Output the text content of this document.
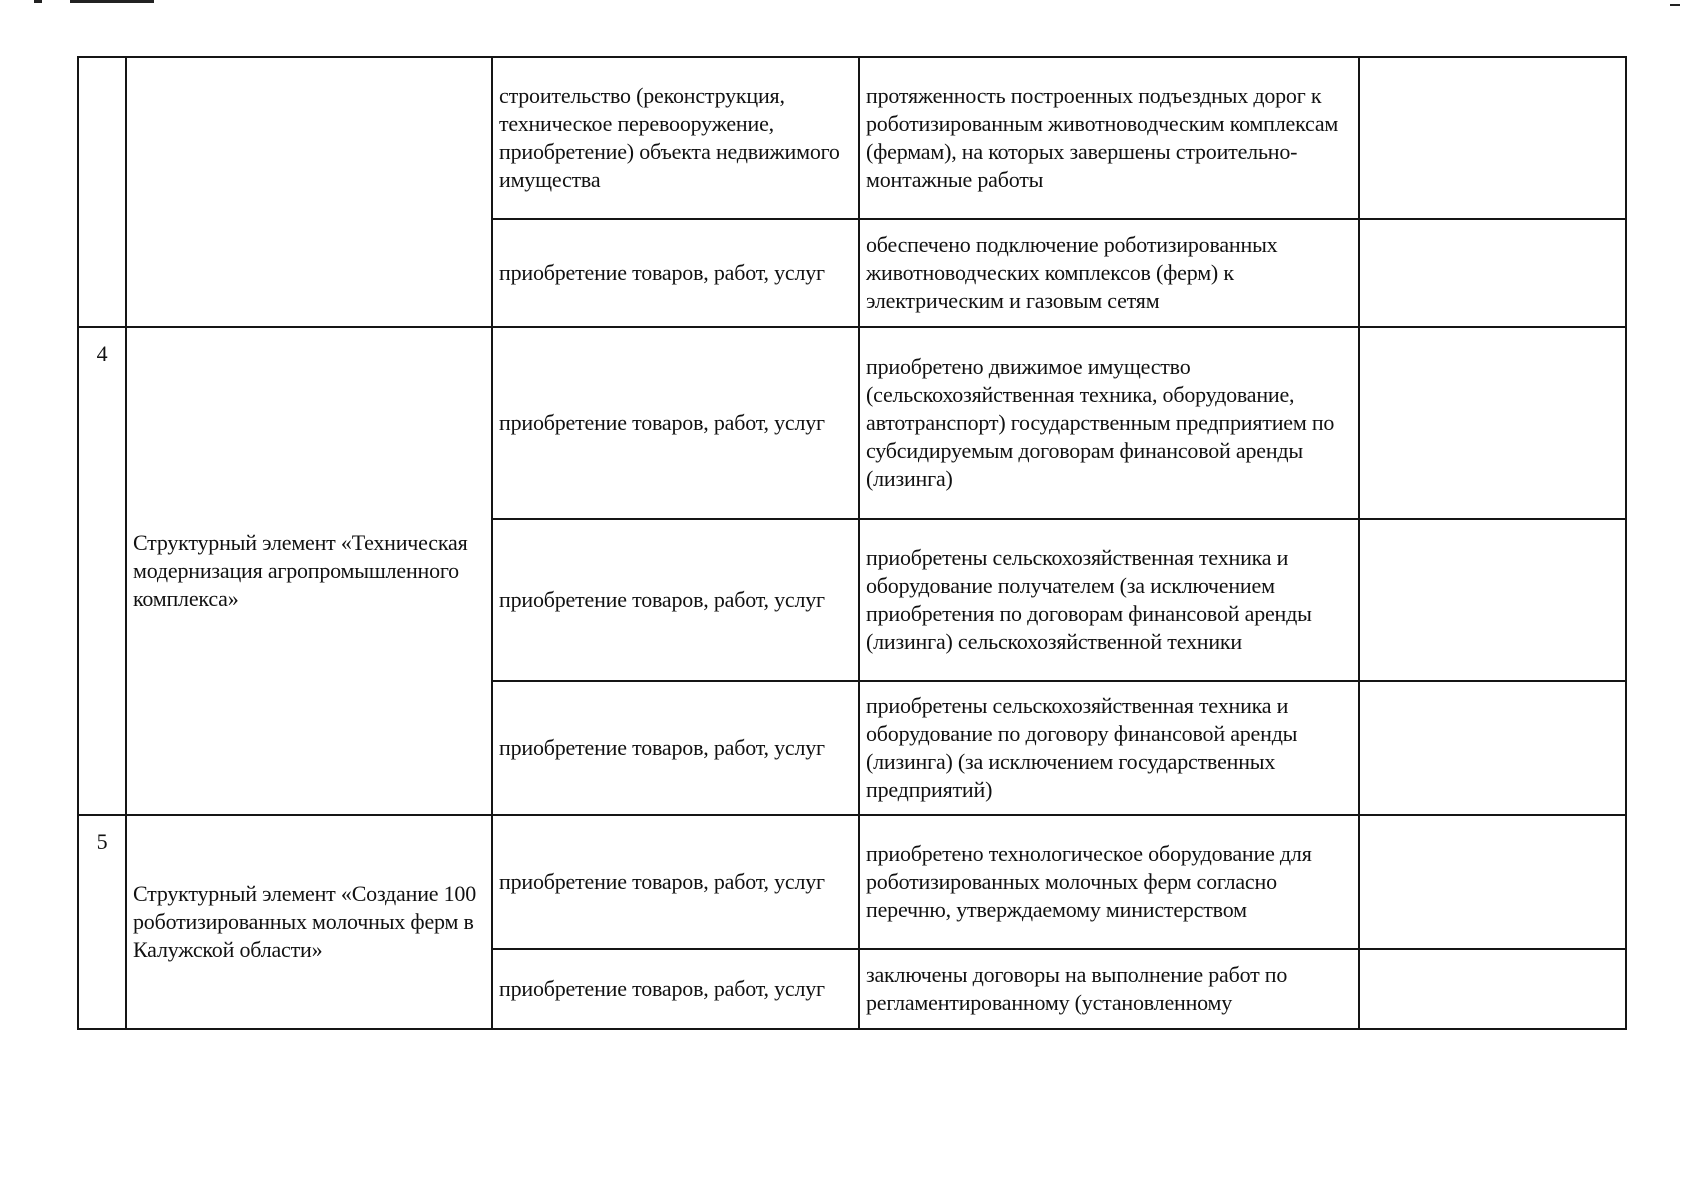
		строительство (реконструкция, техническое перевооружение, приобретение) объекта недвижимого имущества	протяженность построенных подъездных дорог к роботизированным животноводческим комплексам (фермам), на которых завершены строительно-монтажные работы	
		приобретение товаров, работ, услуг	обеспечено подключение роботизированных животноводческих комплексов (ферм) к электрическим и газовым сетям	
4	Структурный элемент «Техническая модернизация агропромышленного комплекса»	приобретение товаров, работ, услуг	приобретено движимое имущество (сельскохозяйственная техника, оборудование, автотранспорт) государственным предприятием по субсидируемым договорам финансовой аренды (лизинга)	
		приобретение товаров, работ, услуг	приобретены сельскохозяйственная техника и оборудование получателем (за исключением приобретения по договорам финансовой аренды (лизинга) сельскохозяйственной техники	
		приобретение товаров, работ, услуг	приобретены сельскохозяйственная техника и оборудование по договору финансовой аренды (лизинга) (за исключением государственных предприятий)	
5	Структурный элемент «Создание 100 роботизированных молочных ферм в Калужской области»	приобретение товаров, работ, услуг	приобретено технологическое оборудование для роботизированных молочных ферм согласно перечню, утверждаемому министерством	
		приобретение товаров, работ, услуг	заключены договоры на выполнение работ по регламентированному (установленному	
